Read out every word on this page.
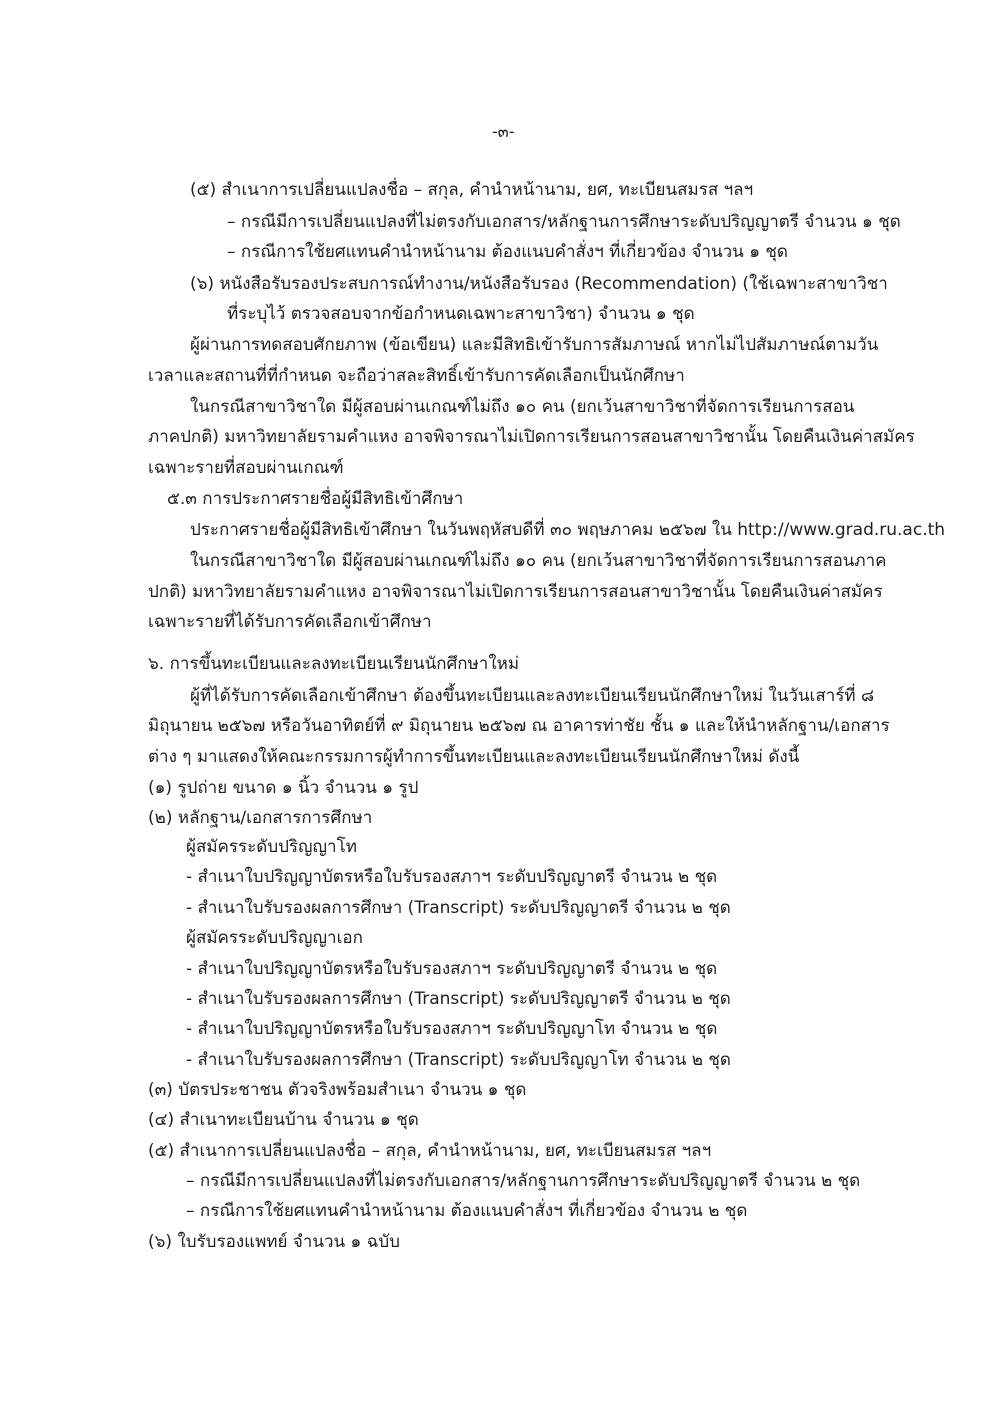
-๓-
(๕) สำเนาการเปลี่ยนแปลงชื่อ – สกุล, คำนำหน้านาม, ยศ, ทะเบียนสมรส ฯลฯ
– กรณีมีการเปลี่ยนแปลงที่ไม่ตรงกับเอกสาร/หลักฐานการศึกษาระดับปริญญาตรี จำนวน ๑ ชุด
– กรณีการใช้ยศแทนคำนำหน้านาม ต้องแนบคำสั่งฯ ที่เกี่ยวข้อง จำนวน ๑ ชุด
(๖) หนังสือรับรองประสบการณ์ทำงาน/หนังสือรับรอง (Recommendation) (ใช้เฉพาะสาขาวิชา
ที่ระบุไว้ ตรวจสอบจากข้อกำหนดเฉพาะสาขาวิชา) จำนวน ๑ ชุด
ผู้ผ่านการทดสอบศักยภาพ (ข้อเขียน) และมีสิทธิเข้ารับการสัมภาษณ์ หากไม่ไปสัมภาษณ์ตามวัน
เวลาและสถานที่ที่กำหนด จะถือว่าสละสิทธิ์เข้ารับการคัดเลือกเป็นนักศึกษา
ในกรณีสาขาวิชาใด มีผู้สอบผ่านเกณฑ์ไม่ถึง ๑๐ คน (ยกเว้นสาขาวิชาที่จัดการเรียนการสอน
ภาคปกติ) มหาวิทยาลัยรามคำแหง อาจพิจารณาไม่เปิดการเรียนการสอนสาขาวิชานั้น โดยคืนเงินค่าสมัคร
เฉพาะรายที่สอบผ่านเกณฑ์
๕.๓ การประกาศรายชื่อผู้มีสิทธิเข้าศึกษา
ประกาศรายชื่อผู้มีสิทธิเข้าศึกษา ในวันพฤหัสบดีที่ ๓๐ พฤษภาคม ๒๕๖๗ ใน http://www.grad.ru.ac.th
ในกรณีสาขาวิชาใด มีผู้สอบผ่านเกณฑ์ไม่ถึง ๑๐ คน (ยกเว้นสาขาวิชาที่จัดการเรียนการสอนภาค
ปกติ) มหาวิทยาลัยรามคำแหง อาจพิจารณาไม่เปิดการเรียนการสอนสาขาวิชานั้น โดยคืนเงินค่าสมัคร
เฉพาะรายที่ได้รับการคัดเลือกเข้าศึกษา
๖. การขึ้นทะเบียนและลงทะเบียนเรียนนักศึกษาใหม่
ผู้ที่ได้รับการคัดเลือกเข้าศึกษา ต้องขึ้นทะเบียนและลงทะเบียนเรียนนักศึกษาใหม่ ในวันเสาร์ที่ ๘
มิถุนายน ๒๕๖๗ หรือวันอาทิตย์ที่ ๙ มิถุนายน ๒๕๖๗ ณ อาคารท่าชัย ชั้น ๑ และให้นำหลักฐาน/เอกสาร
ต่าง ๆ มาแสดงให้คณะกรรมการผู้ทำการขึ้นทะเบียนและลงทะเบียนเรียนนักศึกษาใหม่ ดังนี้
(๑) รูปถ่าย ขนาด ๑ นิ้ว จำนวน ๑ รูป
(๒) หลักฐาน/เอกสารการศึกษา
ผู้สมัครระดับปริญญาโท
- สำเนาใบปริญญาบัตรหรือใบรับรองสภาฯ ระดับปริญญาตรี จำนวน ๒ ชุด
- สำเนาใบรับรองผลการศึกษา (Transcript) ระดับปริญญาตรี จำนวน ๒ ชุด
ผู้สมัครระดับปริญญาเอก
- สำเนาใบปริญญาบัตรหรือใบรับรองสภาฯ ระดับปริญญาตรี จำนวน ๒ ชุด
- สำเนาใบรับรองผลการศึกษา (Transcript) ระดับปริญญาตรี จำนวน ๒ ชุด
- สำเนาใบปริญญาบัตรหรือใบรับรองสภาฯ ระดับปริญญาโท จำนวน ๒ ชุด
- สำเนาใบรับรองผลการศึกษา (Transcript) ระดับปริญญาโท จำนวน ๒ ชุด
(๓) บัตรประชาชน ตัวจริงพร้อมสำเนา จำนวน ๑ ชุด
(๔) สำเนาทะเบียนบ้าน จำนวน ๑ ชุด
(๕) สำเนาการเปลี่ยนแปลงชื่อ – สกุล, คำนำหน้านาม, ยศ, ทะเบียนสมรส ฯลฯ
– กรณีมีการเปลี่ยนแปลงที่ไม่ตรงกับเอกสาร/หลักฐานการศึกษาระดับปริญญาตรี จำนวน ๒ ชุด
– กรณีการใช้ยศแทนคำนำหน้านาม ต้องแนบคำสั่งฯ ที่เกี่ยวข้อง จำนวน ๒ ชุด
(๖) ใบรับรองแพทย์ จำนวน ๑ ฉบับ
